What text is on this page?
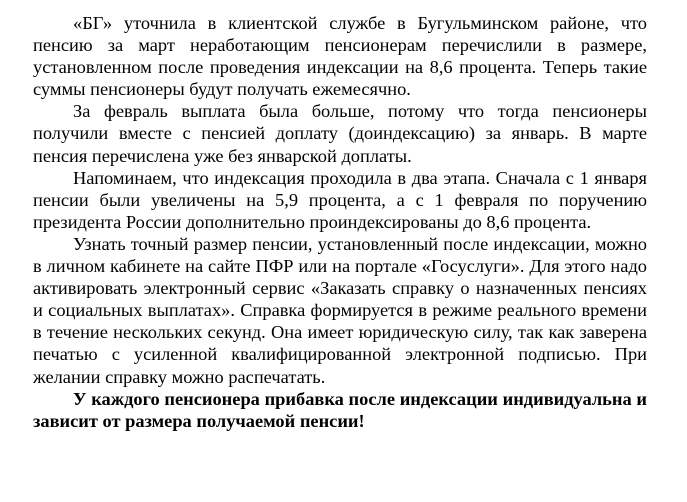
«БГ» уточнила в клиентской службе в Бугульминском районе, что пенсию за март неработающим пенсионерам перечислили в размере, установленном после проведения индексации на 8,6 процента. Теперь такие суммы пенсионеры будут получать ежемесячно.

За февраль выплата была больше, потому что тогда пенсионеры получили вместе с пенсией доплату (доиндексацию) за январь. В марте пенсия перечислена уже без январской доплаты.

Напоминаем, что индексация проходила в два этапа. Сначала с 1 января пенсии были увеличены на 5,9 процента, а с 1 февраля по поручению президента России дополнительно проиндексированы до 8,6 процента.

Узнать точный размер пенсии, установленный после индексации, можно в личном кабинете на сайте ПФР или на портале «Госуслуги». Для этого надо активировать электронный сервис «Заказать справку о назначенных пенсиях и социальных выплатах». Справка формируется в режиме реального времени в течение нескольких секунд. Она имеет юридическую силу, так как заверена печатью с усиленной квалифицированной электронной подписью. При желании справку можно распечатать.

У каждого пенсионера прибавка после индексации индивидуальна и зависит от размера получаемой пенсии!
